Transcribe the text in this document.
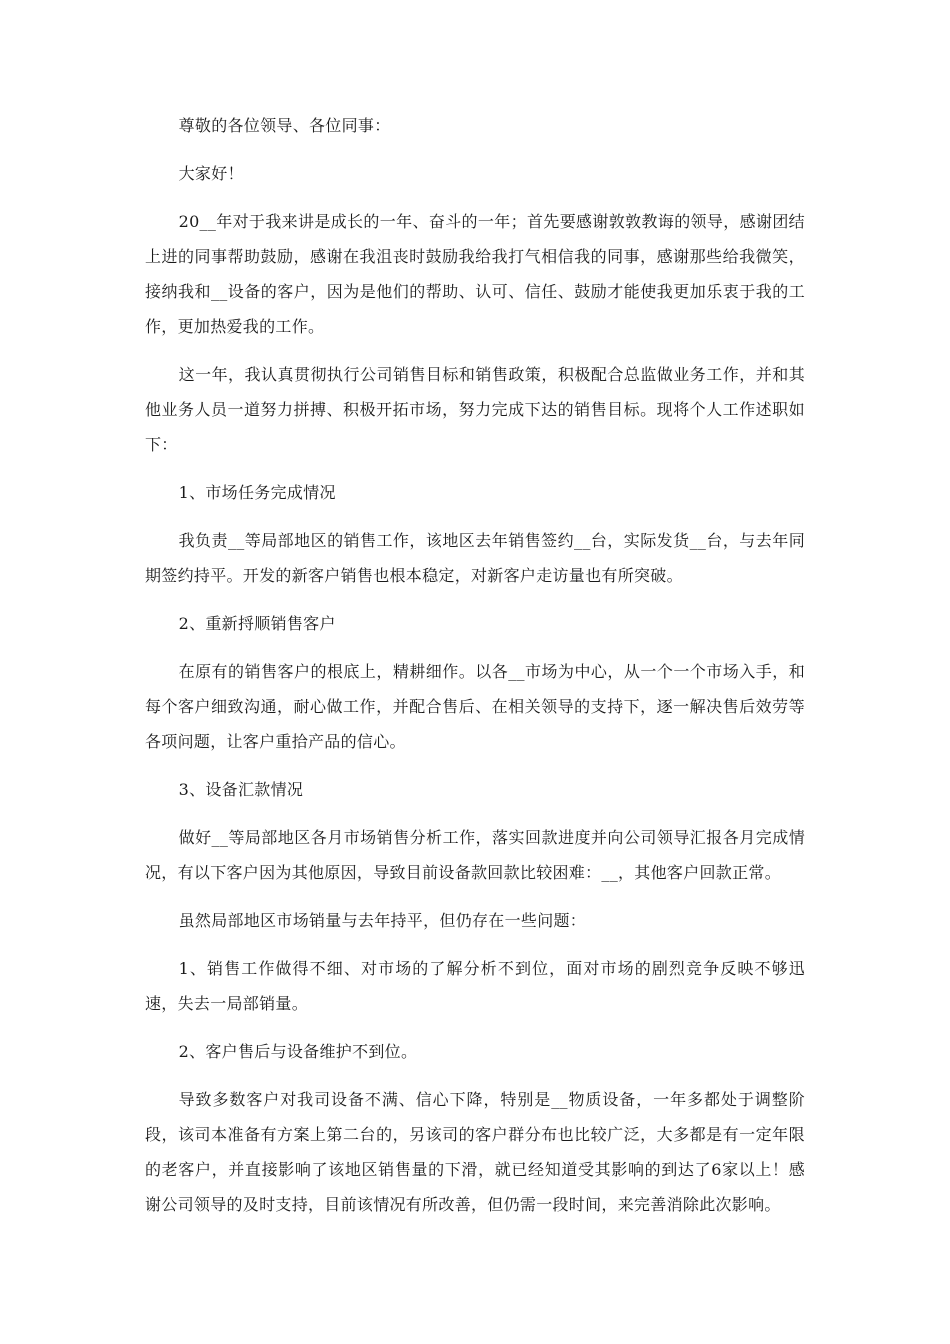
尊敬的各位领导、各位同事：

大家好！

20__年对于我来讲是成长的一年、奋斗的一年；首先要感谢敦敦教诲的领导，感谢团结上进的同事帮助鼓励，感谢在我沮丧时鼓励我给我打气相信我的同事，感谢那些给我微笑，接纳我和__设备的客户，因为是他们的帮助、认可、信任、鼓励才能使我更加乐衷于我的工作，更加热爱我的工作。

这一年，我认真贯彻执行公司销售目标和销售政策，积极配合总监做业务工作，并和其他业务人员一道努力拼搏、积极开拓市场，努力完成下达的销售目标。现将个人工作述职如下：

1、市场任务完成情况

我负责__等局部地区的销售工作，该地区去年销售签约__台，实际发货__台，与去年同期签约持平。开发的新客户销售也根本稳定，对新客户走访量也有所突破。

2、重新捋顺销售客户

在原有的销售客户的根底上，精耕细作。以各__市场为中心，从一个一个市场入手，和每个客户细致沟通，耐心做工作，并配合售后、在相关领导的支持下，逐一解决售后效劳等各项问题，让客户重拾产品的信心。

3、设备汇款情况

做好__等局部地区各月市场销售分析工作，落实回款进度并向公司领导汇报各月完成情况，有以下客户因为其他原因，导致目前设备款回款比较困难：__，其他客户回款正常。

虽然局部地区市场销量与去年持平，但仍存在一些问题：

1、销售工作做得不细、对市场的了解分析不到位，面对市场的剧烈竞争反映不够迅速，失去一局部销量。

2、客户售后与设备维护不到位。

导致多数客户对我司设备不满、信心下降，特别是__物质设备，一年多都处于调整阶段，该司本准备有方案上第二台的，另该司的客户群分布也比较广泛，大多都是有一定年限的老客户，并直接影响了该地区销售量的下滑，就已经知道受其影响的到达了6家以上！感谢公司领导的及时支持，目前该情况有所改善，但仍需一段时间，来完善消除此次影响。
